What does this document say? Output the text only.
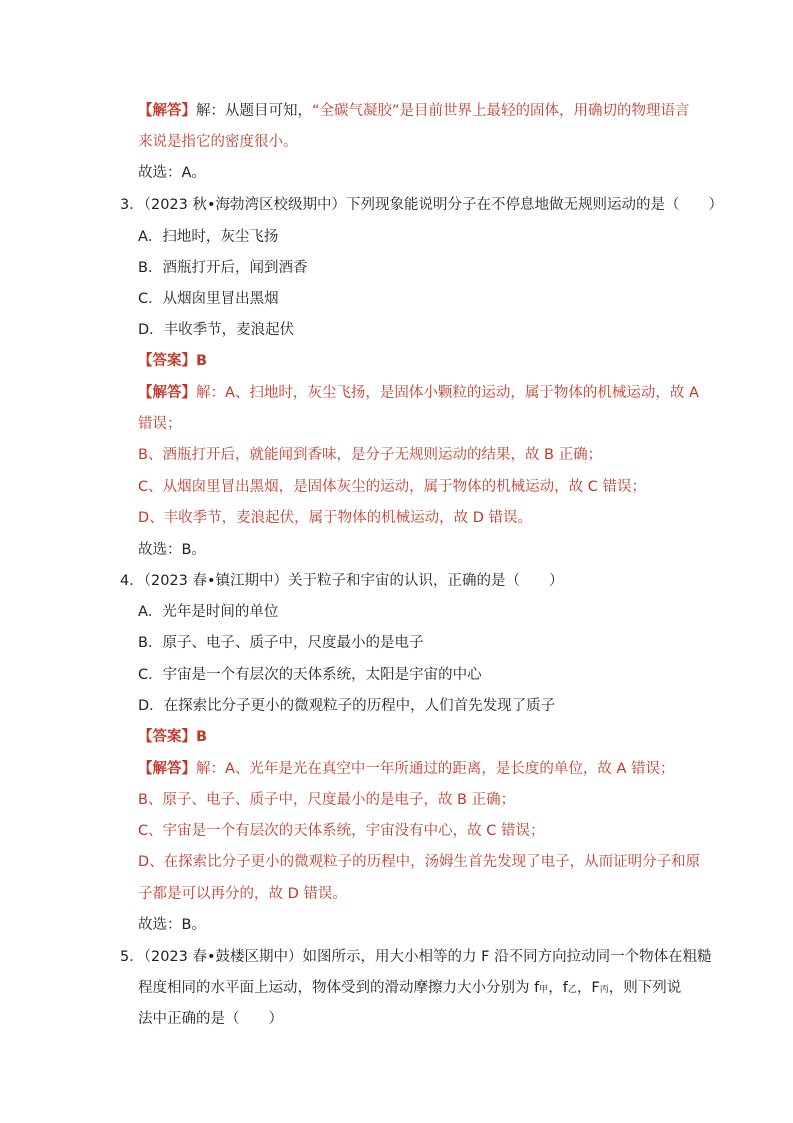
【解答】解：从题目可知，“全碳气凝胶”是目前世界上最轻的固体，用确切的物理语言
来说是指它的密度很小。
故选：A。
3．（2023 秋•海勃湾区校级期中）下列现象能说明分子在不停息地做无规则运动的是（　　）
A．扫地时，灰尘飞扬
B．酒瓶打开后，闻到酒香
C．从烟囱里冒出黑烟
D．丰收季节，麦浪起伏
【答案】B
【解答】解：A、扫地时，灰尘飞扬，是固体小颗粒的运动，属于物体的机械运动，故 A
错误；
B、酒瓶打开后，就能闻到香味，是分子无规则运动的结果，故 B 正确；
C、从烟囱里冒出黑烟，是固体灰尘的运动，属于物体的机械运动，故 C 错误；
D、丰收季节，麦浪起伏，属于物体的机械运动，故 D 错误。
故选：B。
4．（2023 春•镇江期中）关于粒子和宇宙的认识，正确的是（　　）
A．光年是时间的单位
B．原子、电子、质子中，尺度最小的是电子
C．宇宙是一个有层次的天体系统，太阳是宇宙的中心
D．在探索比分子更小的微观粒子的历程中，人们首先发现了质子
【答案】B
【解答】解：A、光年是光在真空中一年所通过的距离，是长度的单位，故 A 错误；
B、原子、电子、质子中，尺度最小的是电子，故 B 正确；
C、宇宙是一个有层次的天体系统，宇宙没有中心，故 C 错误；
D、在探索比分子更小的微观粒子的历程中，汤姆生首先发现了电子，从而证明分子和原
子都是可以再分的，故 D 错误。
故选：B。
5．（2023 春•鼓楼区期中）如图所示，用大小相等的力 F 沿不同方向拉动同一个物体在粗糙
程度相同的水平面上运动，物体受到的滑动摩擦力大小分别为 f甲，f乙，F丙，则下列说
法中正确的是（　　）
